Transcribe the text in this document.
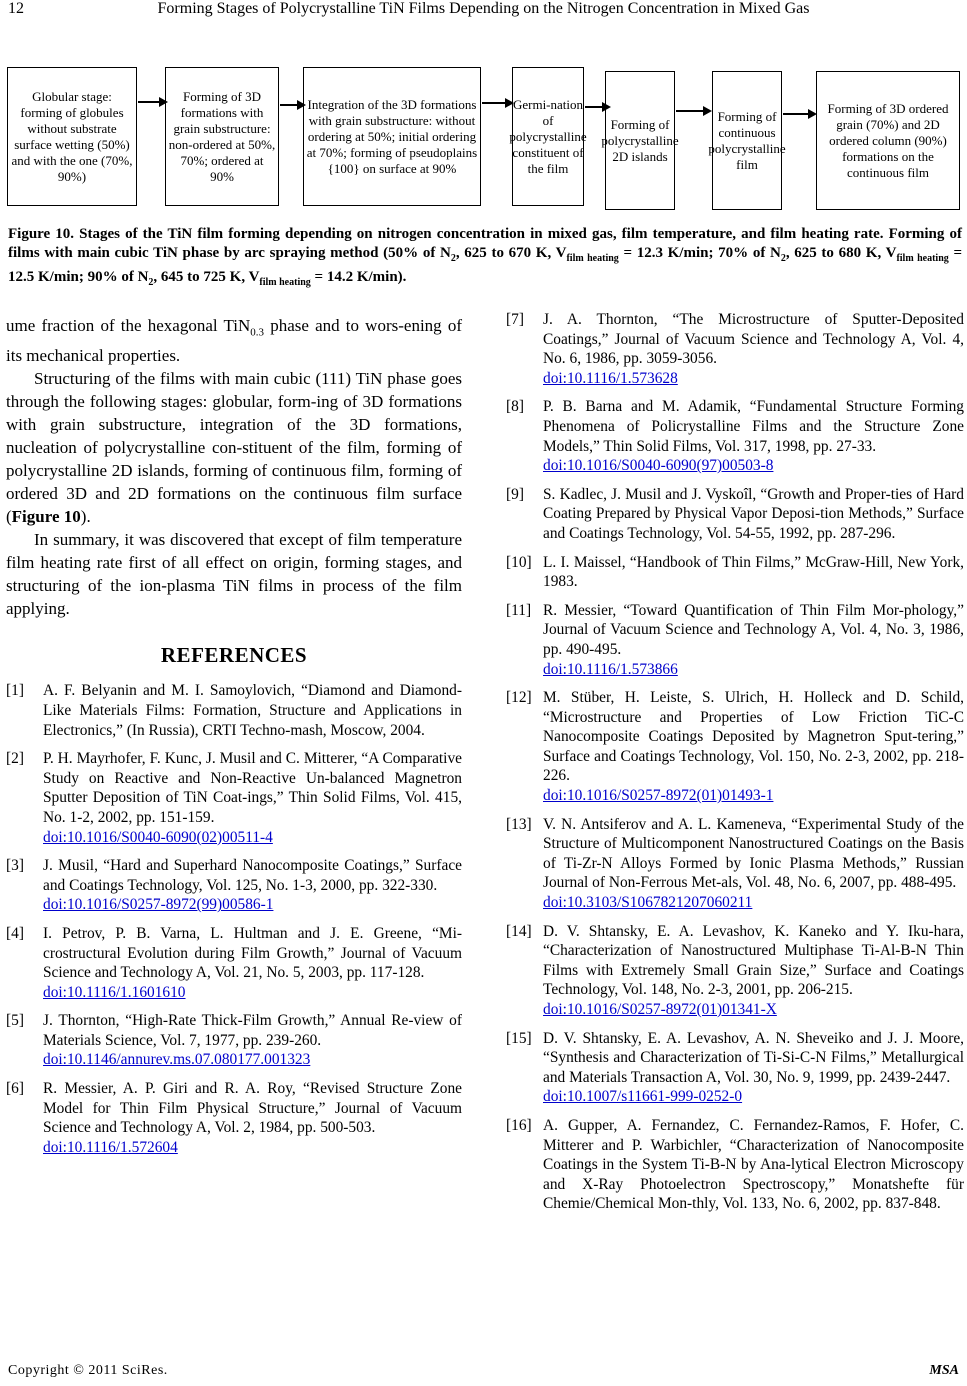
12	Forming Stages of Polycrystalline TiN Films Depending on the Nitrogen Concentration in Mixed Gas
Globular stage: forming of globules without substrate surface wetting (50%) and with the one (70%, 90%)
Forming of 3D formations with grain substructure: non-ordered at 50%, 70%; ordered at 90%
Integration of the 3D formations with grain substructure: without ordering at 50%; initial ordering at 70%; forming of pseudoplains {100} on surface at 90%
Germi-nation of polycrystalline constituent of the film
Forming of polycrystalline 2D islands
Forming of continuous polycrystalline film
Forming of 3D ordered grain (70%) and 2D ordered column (90%) formations on the continuous film
Figure 10. Stages of the TiN film forming depending on nitrogen concentration in mixed gas, film temperature, and film heating rate. Forming of films with main cubic TiN phase by arc spraying method (50% of $N_2$, 625 to 670 K, $V_{film heating} = 12.3$ K/min; 70% of $N_2$, 625 to 680 K, $V_{film heating} = 12.5$ K/min; 90% of $N_2$, 645 to 725 K, $V_{film heating} = 14.2$ K/min).

ume fraction of the hexagonal TiN$_{0.3}$ phase and to wors-ening of its mechanical properties.

Structuring of the films with main cubic (111) TiN phase goes through the following stages: globular, form-ing of 3D formations with grain substructure, integration of the 3D formations, nucleation of polycrystalline con-stituent of the film, forming of polycrystalline 2D islands, forming of continuous film, forming of ordered 3D and 2D formations on the continuous film surface (Figure 10).

In summary, it was discovered that except of film temperature film heating rate first of all effect on origin, forming stages, and structuring of the ion-plasma TiN films in process of the film applying.

REFERENCES
[1] A. F. Belyanin and M. I. Samoylovich, “Diamond and Diamond-Like Materials Films: Formation, Structure and Applications in Electronics,” (In Russia), CRTI Techno-mash, Moscow, 2004.
[2] P. H. Mayrhofer, F. Kunc, J. Musil and C. Mitterer, “A Comparative Study on Reactive and Non-Reactive Un-balanced Magnetron Sputter Deposition of TiN Coat-ings,” Thin Solid Films, Vol. 415, No. 1-2, 2002, pp. 151-159.
doi:10.1016/S0040-6090(02)00511-4
[3] J. Musil, “Hard and Superhard Nanocomposite Coatings,” Surface and Coatings Technology, Vol. 125, No. 1-3, 2000, pp. 322-330.
doi:10.1016/S0257-8972(99)00586-1
[4] I. Petrov, P. B. Varna, L. Hultman and J. E. Greene, “Mi-crostructural Evolution during Film Growth,” Journal of Vacuum Science and Technology A, Vol. 21, No. 5, 2003, pp. 117-128.
doi:10.1116/1.1601610
[5] J. Thornton, “High-Rate Thick-Film Growth,” Annual Re-view of Materials Science, Vol. 7, 1977, pp. 239-260.
doi:10.1146/annurev.ms.07.080177.001323
[6] R. Messier, A. P. Giri and R. A. Roy, “Revised Structure Zone Model for Thin Film Physical Structure,” Journal of Vacuum Science and Technology A, Vol. 2, 1984, pp. 500-503.
doi:10.1116/1.572604
[7] J. A. Thornton, “The Microstructure of Sputter-Deposited Coatings,” Journal of Vacuum Science and Technology A, Vol. 4, No. 6, 1986, pp. 3059-3056.
doi:10.1116/1.573628
[8] P. B. Barna and M. Adamik, “Fundamental Structure Forming Phenomena of Policrystalline Films and the Structure Zone Models,” Thin Solid Films, Vol. 317, 1998, pp. 27-33.
doi:10.1016/S0040-6090(97)00503-8
[9] S. Kadlec, J. Musil and J. Vyskoîl, “Growth and Proper-ties of Hard Coating Prepared by Physical Vapor Deposi-tion Methods,” Surface and Coatings Technology, Vol. 54-55, 1992, pp. 287-296.
[10] L. I. Maissel, “Handbook of Thin Films,” McGraw-Hill, New York, 1983.
[11] R. Messier, “Toward Quantification of Thin Film Mor-phology,” Journal of Vacuum Science and Technology A, Vol. 4, No. 3, 1986, pp. 490-495.
doi:10.1116/1.573866
[12] M. Stüber, H. Leiste, S. Ulrich, H. Holleck and D. Schild, “Microstructure and Properties of Low Friction TiC-C Nanocomposite Coatings Deposited by Magnetron Sput-tering,” Surface and Coatings Technology, Vol. 150, No. 2-3, 2002, pp. 218-226.
doi:10.1016/S0257-8972(01)01493-1
[13] V. N. Antsiferov and A. L. Kameneva, “Experimental Study of the Structure of Multicomponent Nanostructured Coatings on the Basis of Ti-Zr-N Alloys Formed by Ionic Plasma Methods,” Russian Journal of Non-Ferrous Met-als, Vol. 48, No. 6, 2007, pp. 488-495.
doi:10.3103/S1067821207060211
[14] D. V. Shtansky, E. A. Levashov, K. Kaneko and Y. Iku-hara, “Characterization of Nanostructured Multiphase Ti-Al-B-N Thin Films with Extremely Small Grain Size,” Surface and Coatings Technology, Vol. 148, No. 2-3, 2001, pp. 206-215.
doi:10.1016/S0257-8972(01)01341-X
[15] D. V. Shtansky, E. A. Levashov, A. N. Sheveiko and J. J. Moore, “Synthesis and Characterization of Ti-Si-C-N Films,” Metallurgical and Materials Transaction A, Vol. 30, No. 9, 1999, pp. 2439-2447.
doi:10.1007/s11661-999-0252-0
[16] A. Gupper, A. Fernandez, C. Fernandez-Ramos, F. Hofer, C. Mitterer and P. Warbichler, “Characterization of Nanocomposite Coatings in the System Ti-B-N by Ana-lytical Electron Microscopy and X-Ray Photoelectron Spectroscopy,” Monatshefte für Chemie/Chemical Mon-thly, Vol. 133, No. 6, 2002, pp. 837-848.
Copyright © 2011 SciRes.	MSA
